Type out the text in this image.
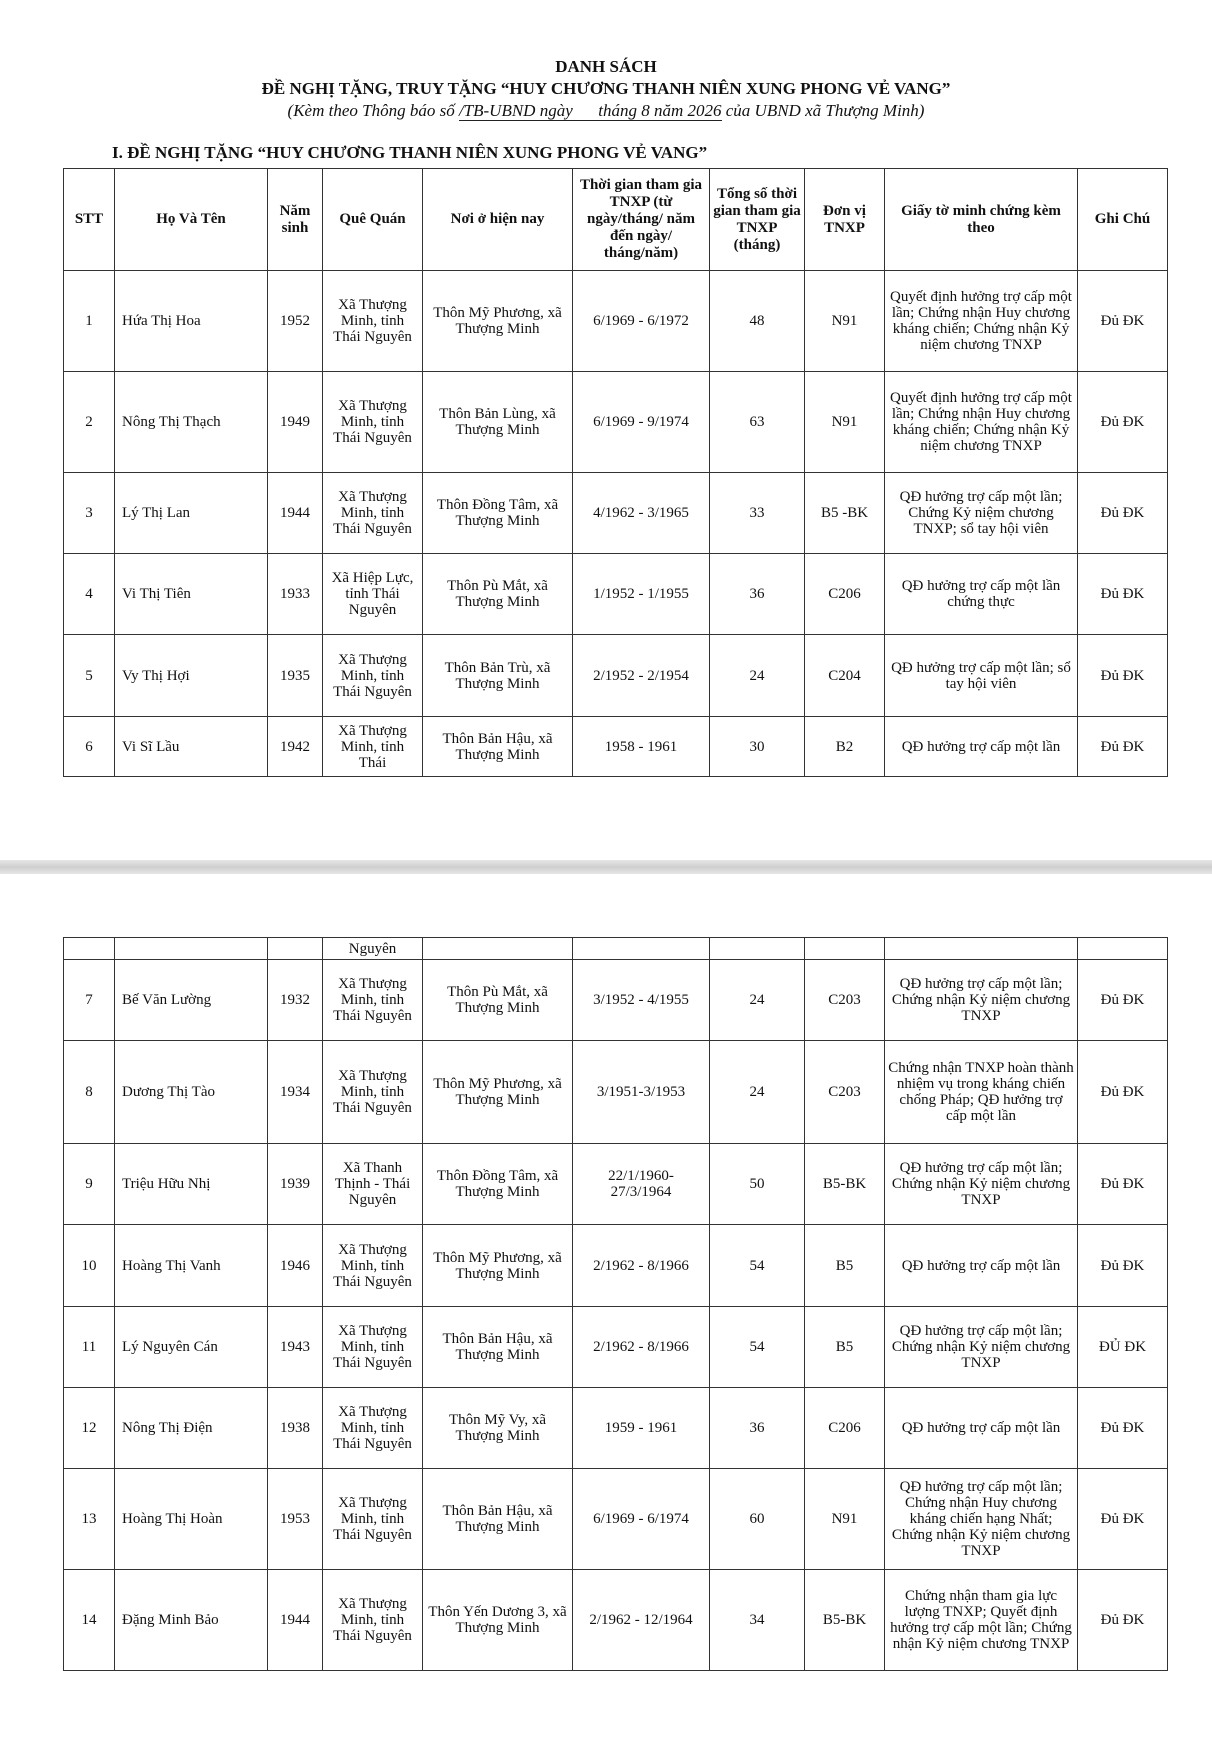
DANH SÁCH
ĐỀ NGHỊ TẶNG, TRUY TẶNG “HUY CHƯƠNG THANH NIÊN XUNG PHONG VẺ VANG”
(Kèm theo Thông báo số /TB-UBND ngày      tháng 8 năm 2026 của UBND xã Thượng Minh)
I. ĐỀ NGHỊ TẶNG “HUY CHƯƠNG THANH NIÊN XUNG PHONG VẺ VANG”
STT	Họ Và Tên	Năm sinh	Quê Quán	Nơi ở hiện nay	Thời gian tham gia TNXP (từ ngày/tháng/ năm đến ngày/ tháng/năm)	Tổng số thời gian tham gia TNXP (tháng)	Đơn vị TNXP	Giấy tờ minh chứng kèm theo	Ghi Chú
1	Hứa Thị Hoa	1952	Xã Thượng Minh, tỉnh Thái Nguyên	Thôn Mỹ Phương, xã Thượng Minh	6/1969 - 6/1972	48	N91	Quyết định hưởng trợ cấp một lần; Chứng nhận Huy chương kháng chiến; Chứng nhận Kỷ niệm chương TNXP	Đủ ĐK
2	Nông Thị Thạch	1949	Xã Thượng Minh, tỉnh Thái Nguyên	Thôn Bản Lùng, xã Thượng Minh	6/1969 - 9/1974	63	N91	Quyết định hưởng trợ cấp một lần; Chứng nhận Huy chương kháng chiến; Chứng nhận Kỷ niệm chương TNXP	Đủ ĐK
3	Lý Thị Lan	1944	Xã Thượng Minh, tỉnh Thái Nguyên	Thôn Đồng Tâm, xã Thượng Minh	4/1962 - 3/1965	33	B5 -BK	QĐ hưởng trợ cấp một lần; Chứng Kỷ niệm chương TNXP; sổ tay hội viên	Đủ ĐK
4	Vi Thị Tiên	1933	Xã Hiệp Lực, tỉnh Thái Nguyên	Thôn Pù Mắt, xã Thượng Minh	1/1952 - 1/1955	36	C206	QĐ hưởng trợ cấp một lần chứng thực	Đủ ĐK
5	Vy Thị Hợi	1935	Xã Thượng Minh, tỉnh Thái Nguyên	Thôn Bản Trù, xã Thượng Minh	2/1952 - 2/1954	24	C204	QĐ hưởng trợ cấp một lần; sổ tay hội viên	Đủ ĐK
6	Vi Sĩ Lầu	1942	Xã Thượng Minh, tỉnh Thái	Thôn Bản Hậu, xã Thượng Minh	1958 - 1961	30	B2	QĐ hưởng trợ cấp một lần	Đủ ĐK
			Nguyên						
7	Bế Văn Lường	1932	Xã Thượng Minh, tỉnh Thái Nguyên	Thôn Pù Mắt, xã Thượng Minh	3/1952 - 4/1955	24	C203	QĐ hưởng trợ cấp một lần; Chứng nhận Kỷ niệm chương TNXP	Đủ ĐK
8	Dương Thị Tào	1934	Xã Thượng Minh, tỉnh Thái Nguyên	Thôn Mỹ Phương, xã Thượng Minh	3/1951-3/1953	24	C203	Chứng nhận TNXP hoàn thành nhiệm vụ trong kháng chiến chống Pháp; QĐ hưởng trợ cấp một lần	Đủ ĐK
9	Triệu Hữu Nhị	1939	Xã Thanh Thịnh - Thái Nguyên	Thôn Đồng Tâm, xã Thượng Minh	22/1/1960- 27/3/1964	50	B5-BK	QĐ hưởng trợ cấp một lần; Chứng nhận Kỷ niệm chương TNXP	Đủ ĐK
10	Hoàng Thị Vanh	1946	Xã Thượng Minh, tỉnh Thái Nguyên	Thôn Mỹ Phương, xã Thượng Minh	2/1962 - 8/1966	54	B5	QĐ hưởng trợ cấp một lần	Đủ ĐK
11	Lý Nguyên Cán	1943	Xã Thượng Minh, tỉnh Thái Nguyên	Thôn Bản Hậu, xã Thượng Minh	2/1962 - 8/1966	54	B5	QĐ hưởng trợ cấp một lần; Chứng nhận Kỷ niệm chương TNXP	ĐỦ ĐK
12	Nông Thị Điện	1938	Xã Thượng Minh, tỉnh Thái Nguyên	Thôn Mỹ Vy, xã Thượng Minh	1959 - 1961	36	C206	QĐ hưởng trợ cấp một lần	Đủ ĐK
13	Hoàng Thị Hoàn	1953	Xã Thượng Minh, tỉnh Thái Nguyên	Thôn Bản Hậu, xã Thượng Minh	6/1969 - 6/1974	60	N91	QĐ hưởng trợ cấp một lần; Chứng nhận Huy chương kháng chiến hạng Nhất; Chứng nhận Kỷ niệm chương TNXP	Đủ ĐK
14	Đặng Minh Bảo	1944	Xã Thượng Minh, tỉnh Thái Nguyên	Thôn Yến Dương 3, xã Thượng Minh	2/1962 - 12/1964	34	B5-BK	Chứng nhận tham gia lực lượng TNXP; Quyết định hưởng trợ cấp một lần; Chứng nhận Kỷ niệm chương TNXP	Đủ ĐK
